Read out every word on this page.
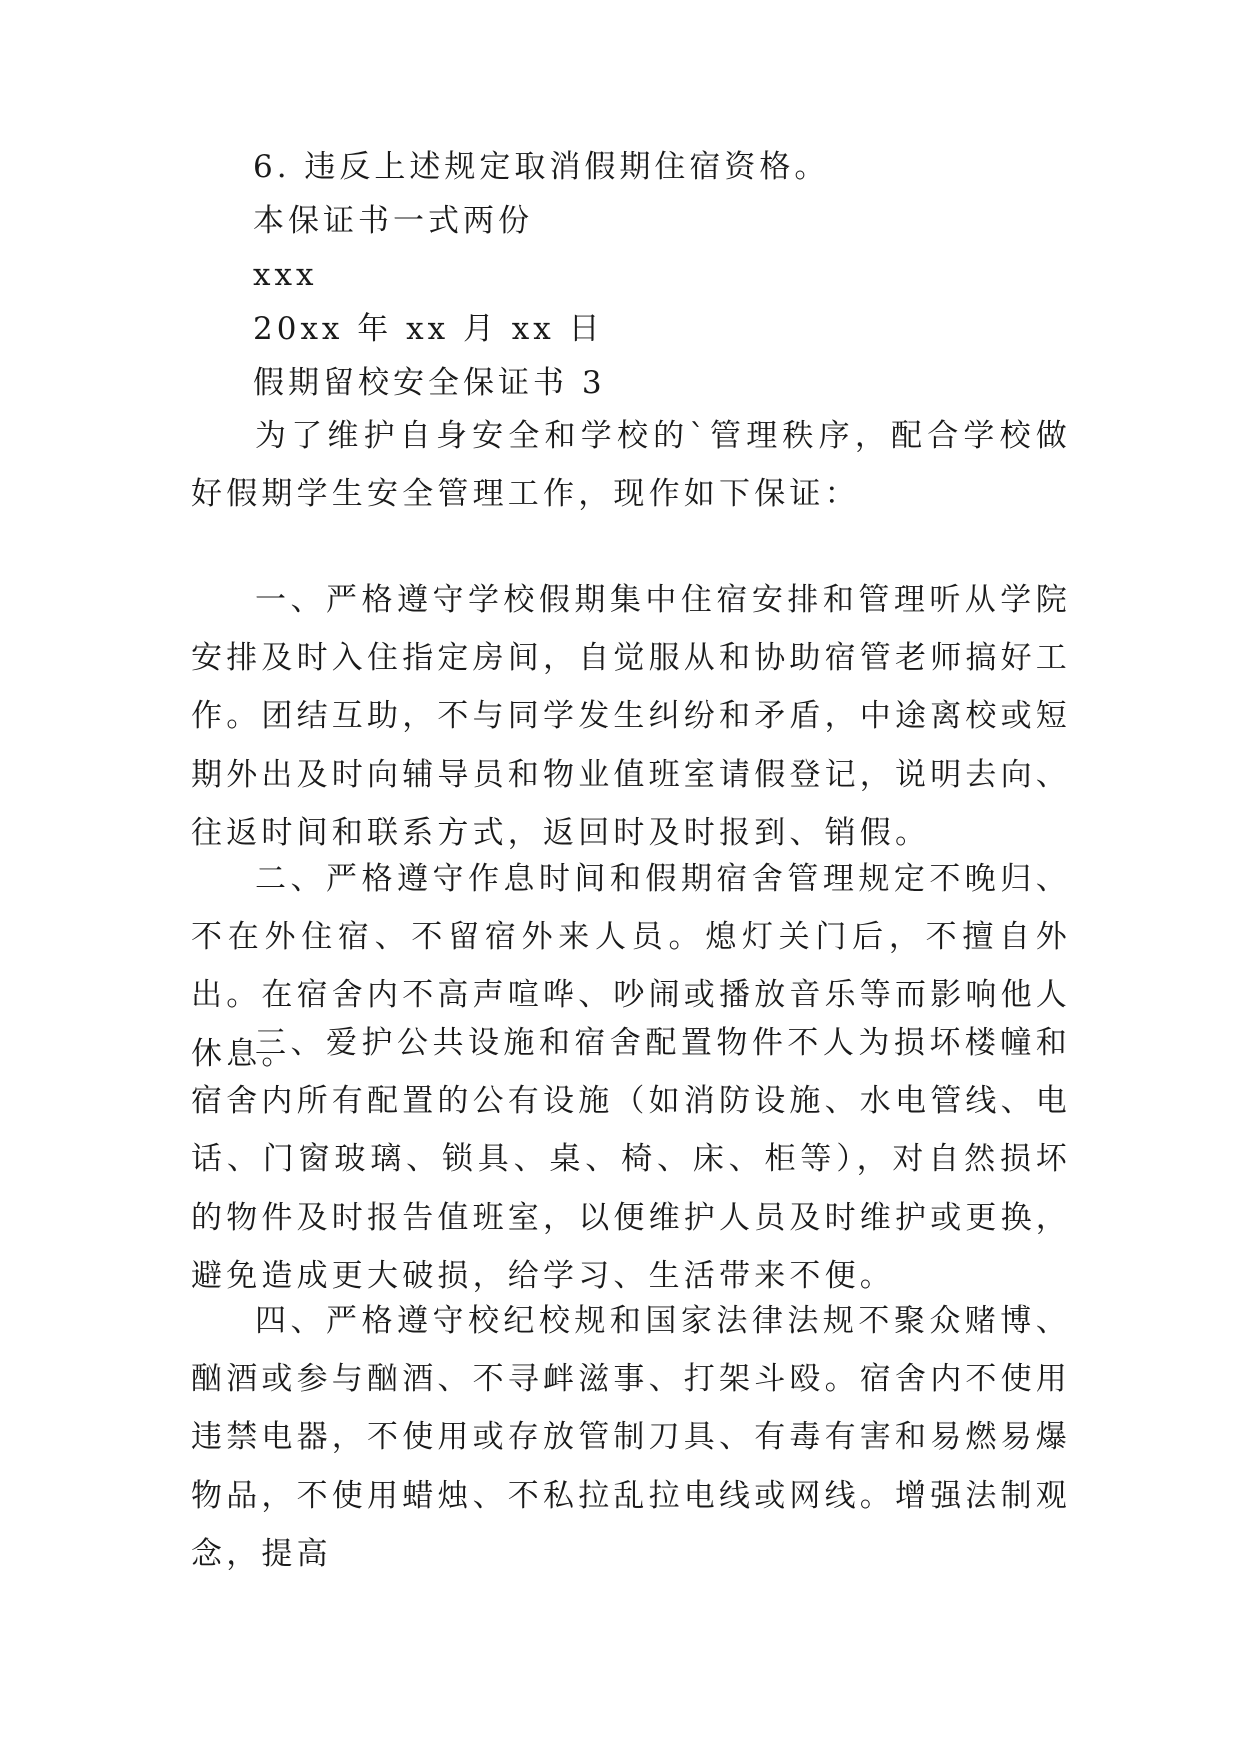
6. 违反上述规定取消假期住宿资格。
本保证书一式两份
xxx
20xx 年 xx 月 xx 日
假期留校安全保证书 3

为了维护自身安全和学校的`管理秩序，配合学校做好假期学生安全管理工作，现作如下保证：

一、严格遵守学校假期集中住宿安排和管理听从学院安排及时入住指定房间，自觉服从和协助宿管老师搞好工作。团结互助，不与同学发生纠纷和矛盾，中途离校或短期外出及时向辅导员和物业值班室请假登记，说明去向、往返时间和联系方式，返回时及时报到、销假。

二、严格遵守作息时间和假期宿舍管理规定不晚归、不在外住宿、不留宿外来人员。熄灯关门后，不擅自外出。在宿舍内不高声喧哗、吵闹或播放音乐等而影响他人休息。

三、爱护公共设施和宿舍配置物件不人为损坏楼幢和宿舍内所有配置的公有设施（如消防设施、水电管线、电话、门窗玻璃、锁具、桌、椅、床、柜等），对自然损坏的物件及时报告值班室，以便维护人员及时维护或更换，避免造成更大破损，给学习、生活带来不便。

四、严格遵守校纪校规和国家法律法规不聚众赌博、酗酒或参与酗酒、不寻衅滋事、打架斗殴。宿舍内不使用违禁电器，不使用或存放管制刀具、有毒有害和易燃易爆物品，不使用蜡烛、不私拉乱拉电线或网线。增强法制观念，提高
